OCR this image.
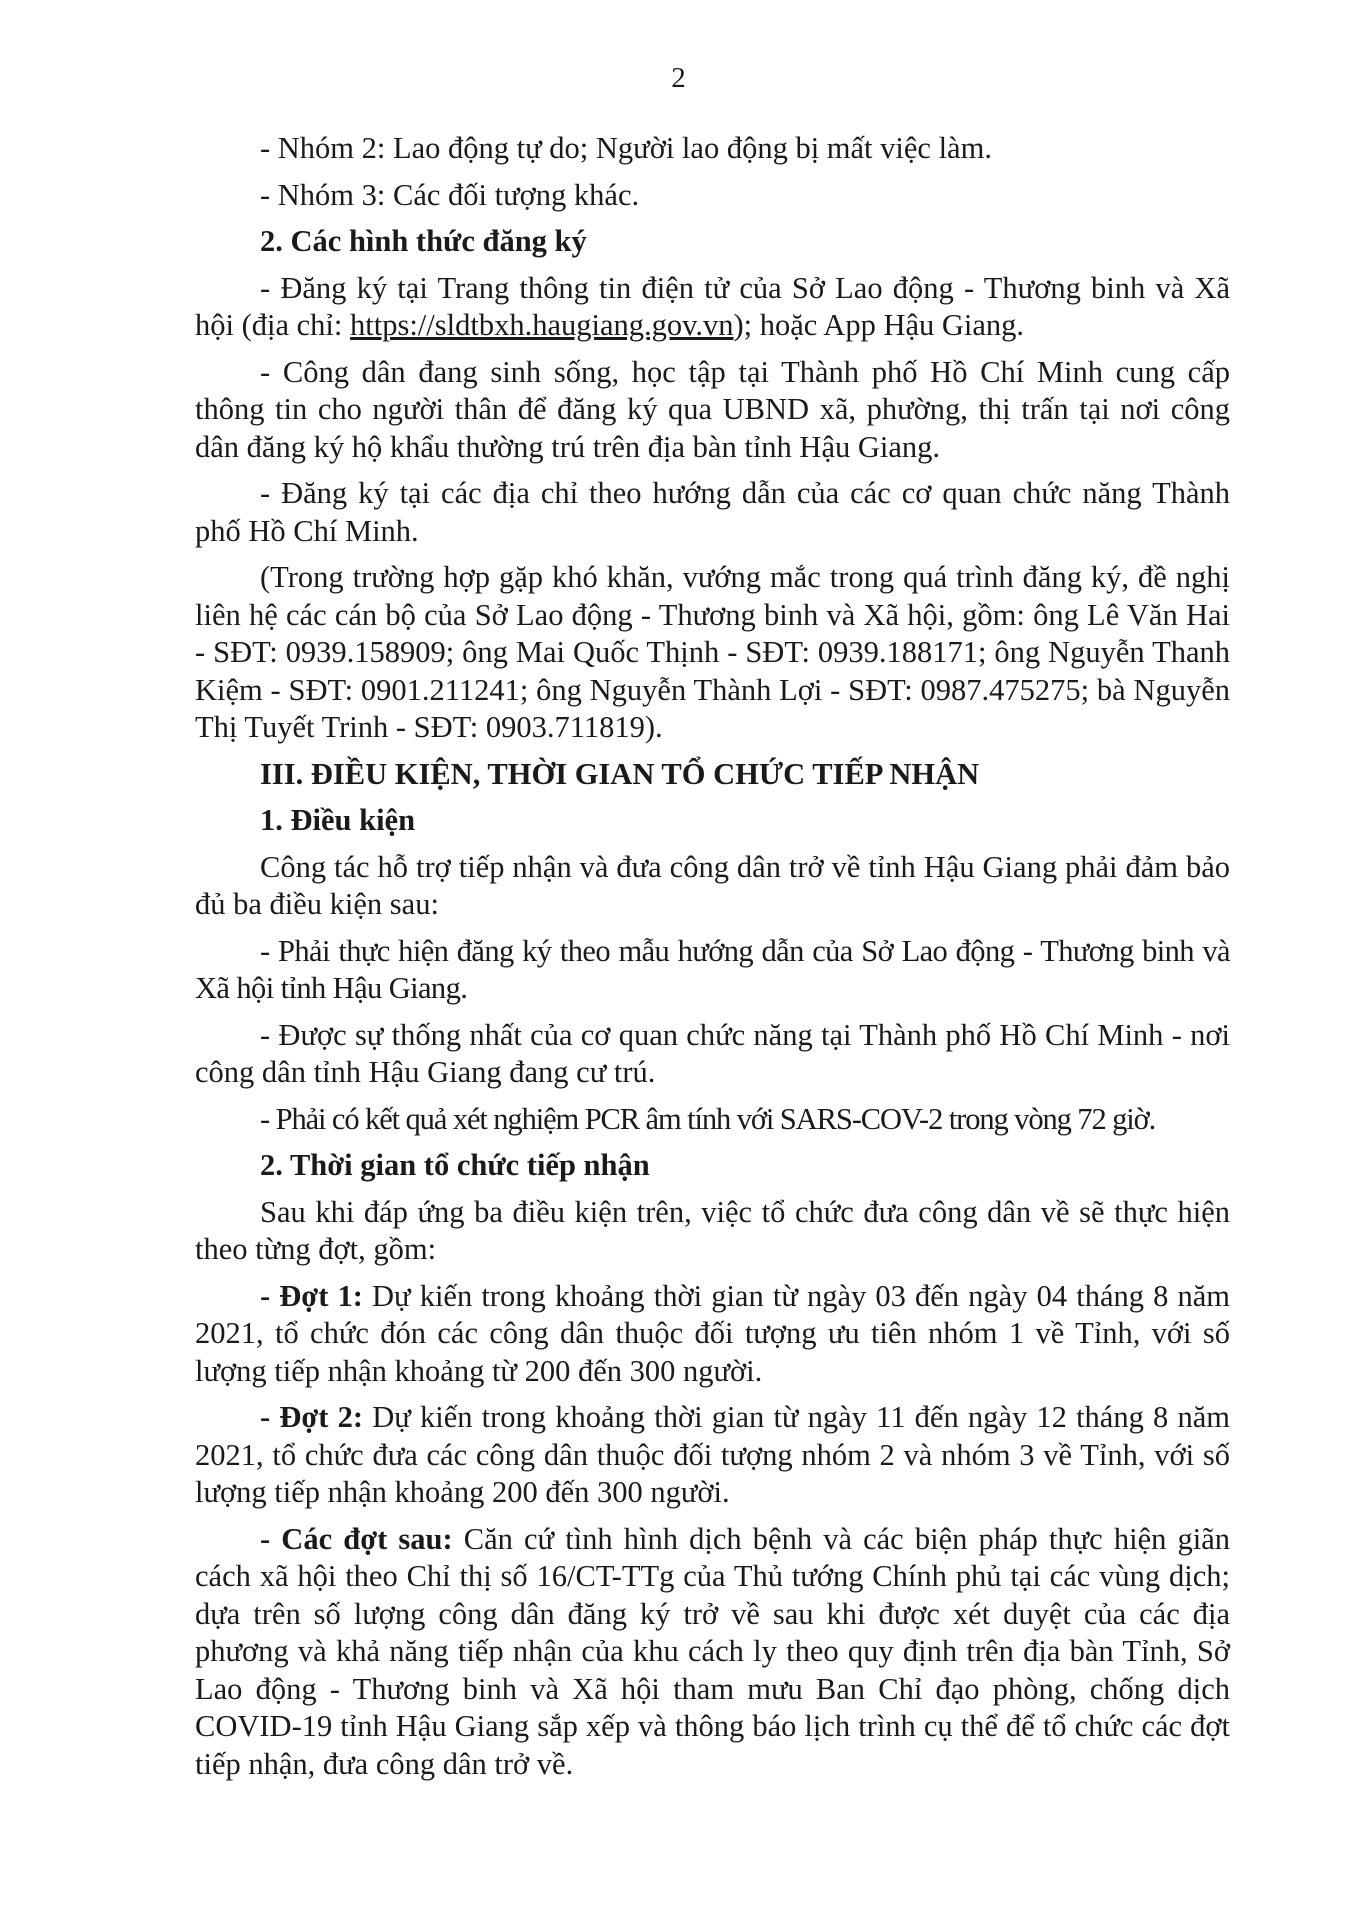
2

- Nhóm 2: Lao động tự do; Người lao động bị mất việc làm.

- Nhóm 3: Các đối tượng khác.

2. Các hình thức đăng ký

- Đăng ký tại Trang thông tin điện tử của Sở Lao động - Thương binh và Xã hội (địa chỉ: https://sldtbxh.haugiang.gov.vn); hoặc App Hậu Giang.

- Công dân đang sinh sống, học tập tại Thành phố Hồ Chí Minh cung cấp thông tin cho người thân để đăng ký qua UBND xã, phường, thị trấn tại nơi công dân đăng ký hộ khẩu thường trú trên địa bàn tỉnh Hậu Giang.

- Đăng ký tại các địa chỉ theo hướng dẫn của các cơ quan chức năng Thành phố Hồ Chí Minh.

(Trong trường hợp gặp khó khăn, vướng mắc trong quá trình đăng ký, đề nghị liên hệ các cán bộ của Sở Lao động - Thương binh và Xã hội, gồm: ông Lê Văn Hai - SĐT: 0939.158909; ông Mai Quốc Thịnh - SĐT: 0939.188171; ông Nguyễn Thanh Kiệm - SĐT: 0901.211241; ông Nguyễn Thành Lợi - SĐT: 0987.475275; bà Nguyễn Thị Tuyết Trinh - SĐT: 0903.711819).

III. ĐIỀU KIỆN, THỜI GIAN TỔ CHỨC TIẾP NHẬN

1. Điều kiện

Công tác hỗ trợ tiếp nhận và đưa công dân trở về tỉnh Hậu Giang phải đảm bảo đủ ba điều kiện sau:

- Phải thực hiện đăng ký theo mẫu hướng dẫn của Sở Lao động - Thương binh và Xã hội tỉnh Hậu Giang.

- Được sự thống nhất của cơ quan chức năng tại Thành phố Hồ Chí Minh - nơi công dân tỉnh Hậu Giang đang cư trú.

- Phải có kết quả xét nghiệm PCR âm tính với SARS-COV-2 trong vòng 72 giờ.

2. Thời gian tổ chức tiếp nhận

Sau khi đáp ứng ba điều kiện trên, việc tổ chức đưa công dân về sẽ thực hiện theo từng đợt, gồm:

- Đợt 1: Dự kiến trong khoảng thời gian từ ngày 03 đến ngày 04 tháng 8 năm 2021, tổ chức đón các công dân thuộc đối tượng ưu tiên nhóm 1 về Tỉnh, với số lượng tiếp nhận khoảng từ 200 đến 300 người.

- Đợt 2: Dự kiến trong khoảng thời gian từ ngày 11 đến ngày 12 tháng 8 năm 2021, tổ chức đưa các công dân thuộc đối tượng nhóm 2 và nhóm 3 về Tỉnh, với số lượng tiếp nhận khoảng 200 đến 300 người.

- Các đợt sau: Căn cứ tình hình dịch bệnh và các biện pháp thực hiện giãn cách xã hội theo Chỉ thị số 16/CT-TTg của Thủ tướng Chính phủ tại các vùng dịch; dựa trên số lượng công dân đăng ký trở về sau khi được xét duyệt của các địa phương và khả năng tiếp nhận của khu cách ly theo quy định trên địa bàn Tỉnh, Sở Lao động - Thương binh và Xã hội tham mưu Ban Chỉ đạo phòng, chống dịch COVID-19 tỉnh Hậu Giang sắp xếp và thông báo lịch trình cụ thể để tổ chức các đợt tiếp nhận, đưa công dân trở về.
